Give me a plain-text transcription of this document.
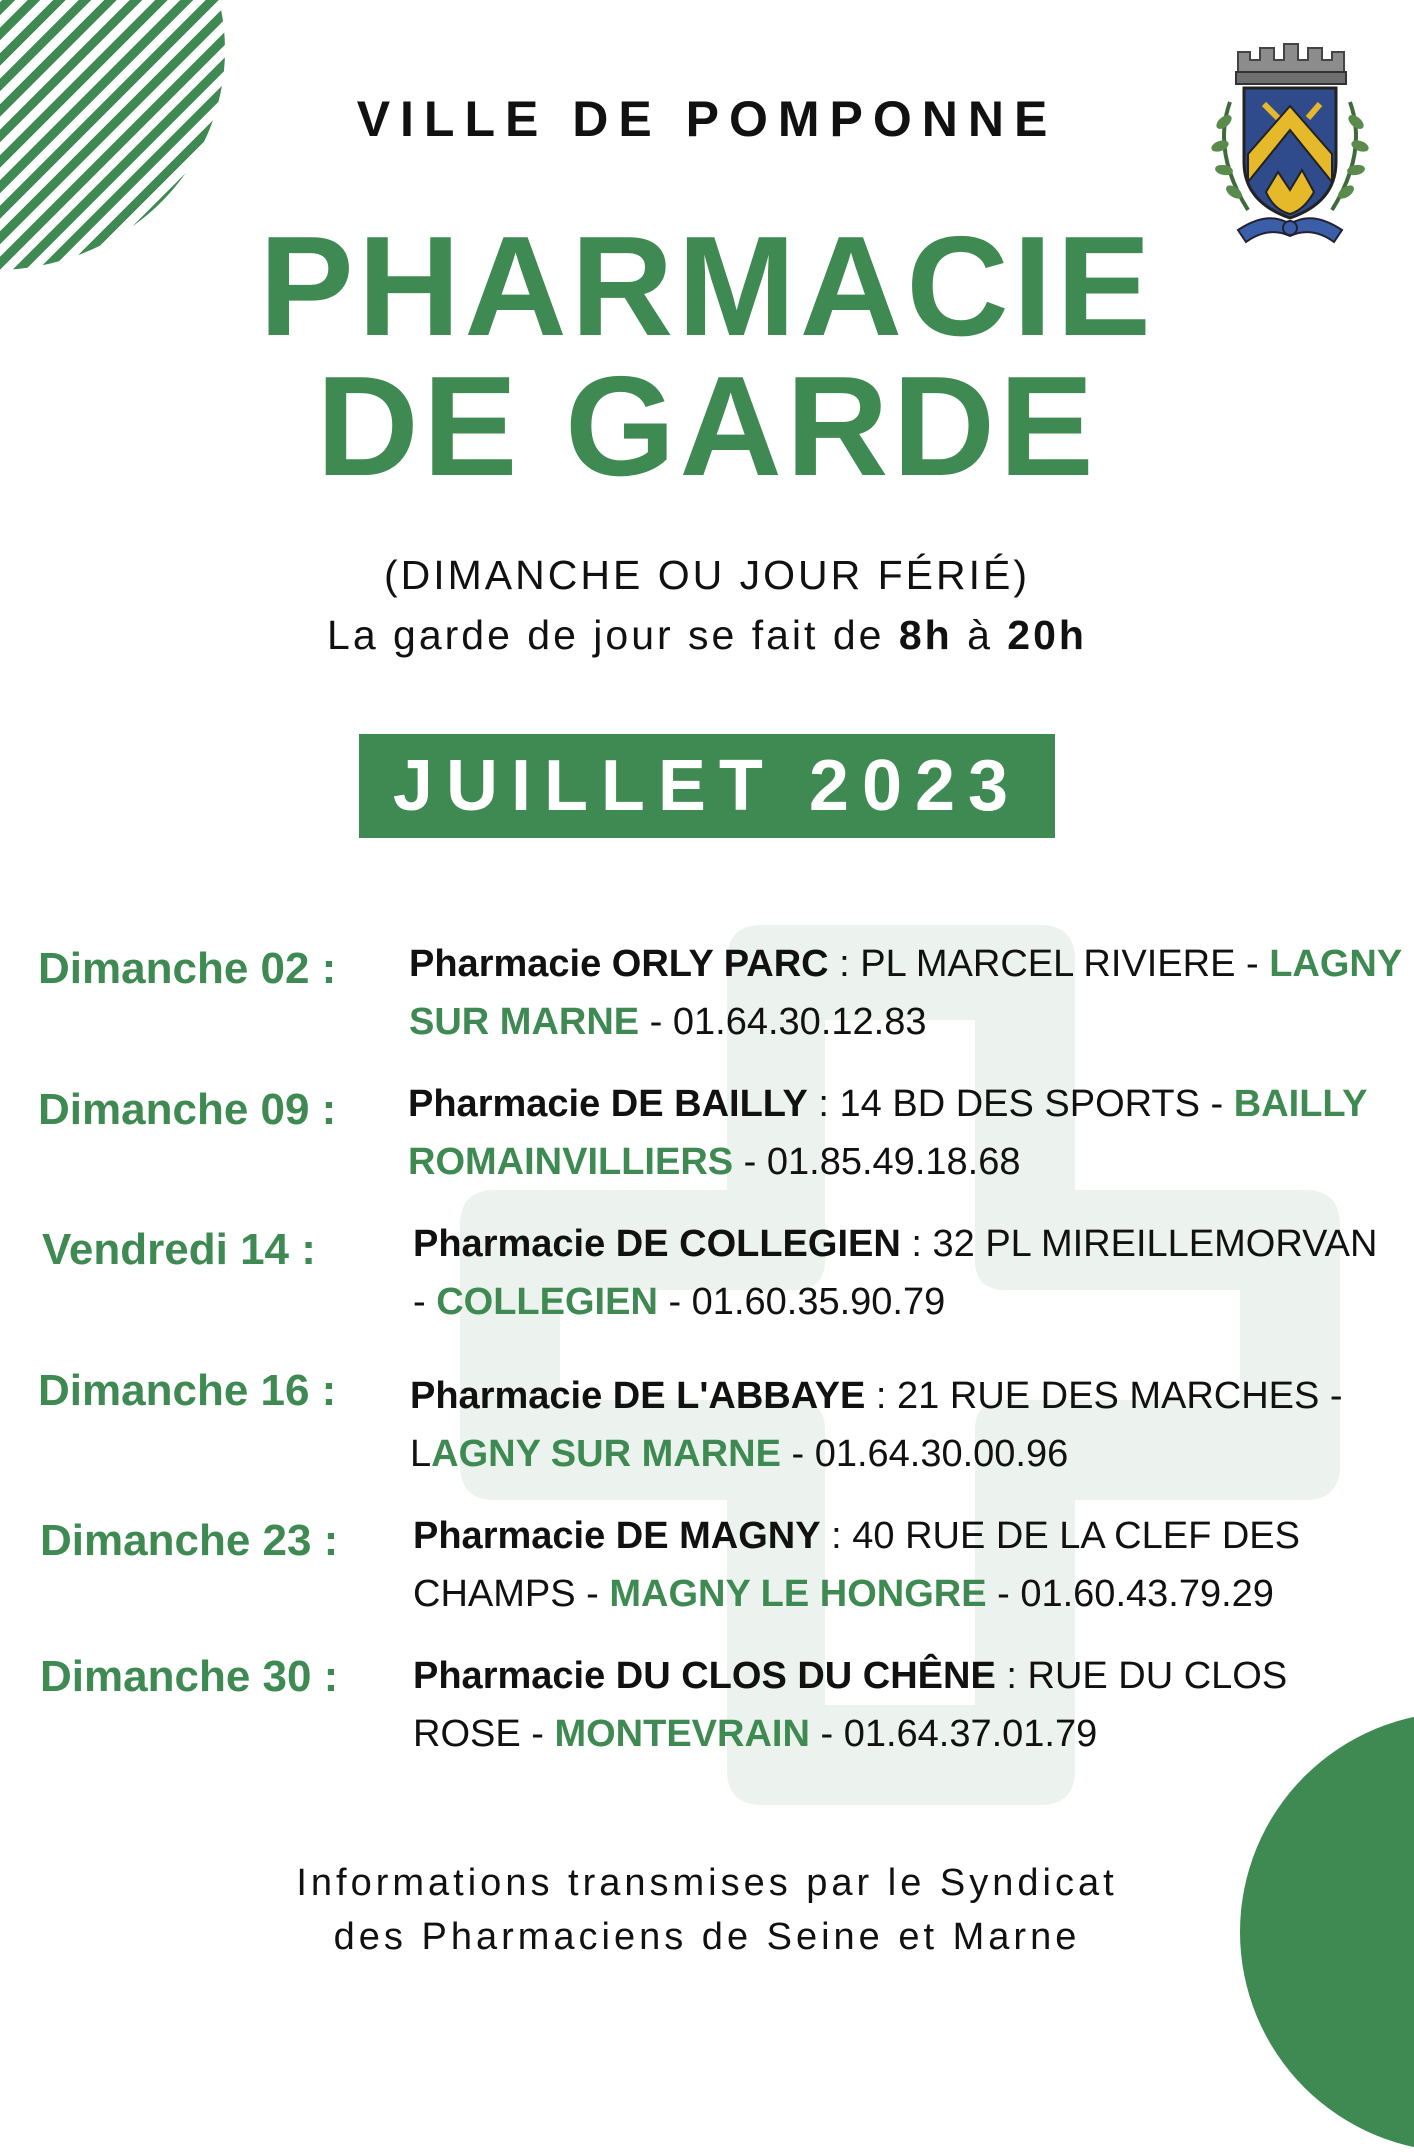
VILLE DE POMPONNE
PHARMACIE
DE GARDE
(DIMANCHE OU JOUR FÉRIÉ)
La garde de jour se fait de 8h à 20h
JUILLET 2023
Dimanche 02 : Pharmacie ORLY PARC : PL MARCEL RIVIERE - LAGNY SUR MARNE - 01.64.30.12.83
Dimanche 09 : Pharmacie DE BAILLY : 14 BD DES SPORTS - BAILLY ROMAINVILLIERS - 01.85.49.18.68
Vendredi 14 :	Pharmacie DE COLLEGIEN : 32 PL MIREILLEMORVAN - COLLEGIEN - 01.60.35.90.79
Dimanche 16 : Pharmacie DE L'ABBAYE : 21 RUE DES MARCHES - LAGNY SUR MARNE - 01.64.30.00.96
Dimanche 23 : Pharmacie DE MAGNY : 40 RUE DE LA CLEF DES CHAMPS - MAGNY LE HONGRE - 01.60.43.79.29
Dimanche 30 : Pharmacie DU CLOS DU CHÊNE : RUE DU CLOS ROSE - MONTEVRAIN - 01.64.37.01.79
Informations transmises par le Syndicat
des Pharmaciens de Seine et Marne
